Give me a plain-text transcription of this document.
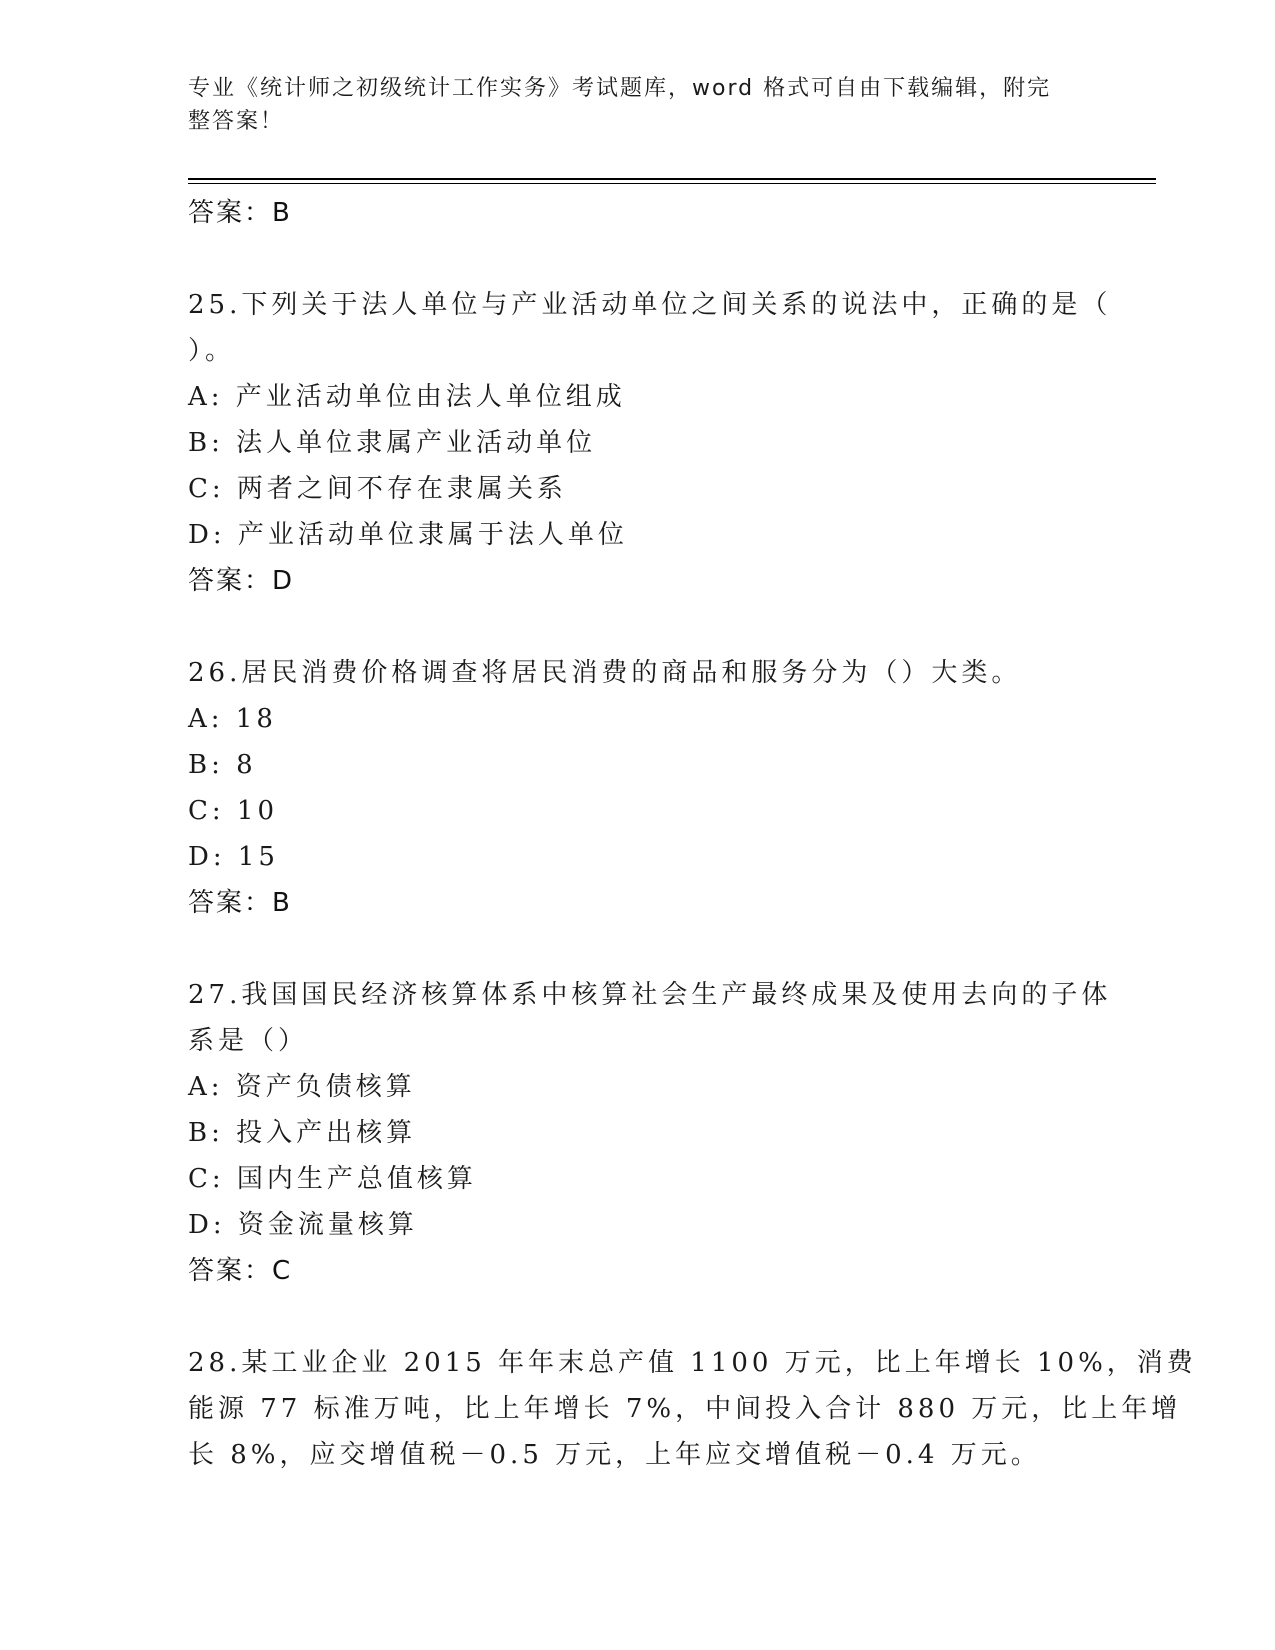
专业《统计师之初级统计工作实务》考试题库，word 格式可自由下载编辑，附完
整答案！
答案：B
25.下列关于法人单位与产业活动单位之间关系的说法中，正确的是（
）。
A: 产业活动单位由法人单位组成
B: 法人单位隶属产业活动单位
C: 两者之间不存在隶属关系
D: 产业活动单位隶属于法人单位
答案：D
26.居民消费价格调查将居民消费的商品和服务分为（）大类。
A: 18
B: 8
C: 10
D: 15
答案：B
27.我国国民经济核算体系中核算社会生产最终成果及使用去向的子体
系是（）
A: 资产负债核算
B: 投入产出核算
C: 国内生产总值核算
D: 资金流量核算
答案：C
28.某工业企业 2015 年年末总产值 1100 万元，比上年增长 10%，消费
能源 77 标准万吨，比上年增长 7%，中间投入合计 880 万元，比上年增
长 8%，应交增值税－0.5 万元，上年应交增值税－0.4 万元。
